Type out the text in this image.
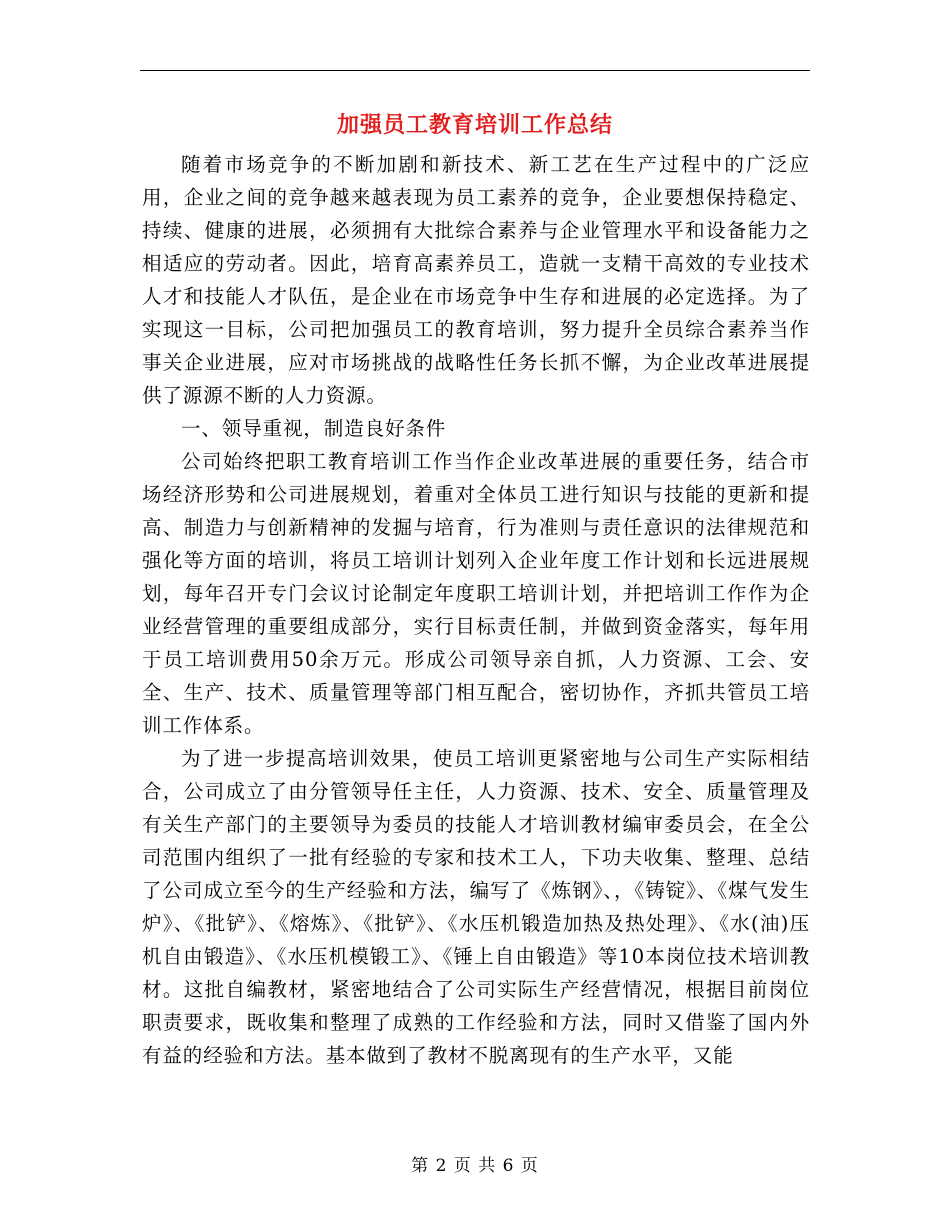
加强员工教育培训工作总结

随着市场竞争的不断加剧和新技术、新工艺在生产过程中的广泛应用，企业之间的竞争越来越表现为员工素养的竞争，企业要想保持稳定、持续、健康的进展，必须拥有大批综合素养与企业管理水平和设备能力之相适应的劳动者。因此，培育高素养员工，造就一支精干高效的专业技术人才和技能人才队伍，是企业在市场竞争中生存和进展的必定选择。为了实现这一目标，公司把加强员工的教育培训，努力提升全员综合素养当作事关企业进展，应对市场挑战的战略性任务长抓不懈，为企业改革进展提供了源源不断的人力资源。

一、领导重视，制造良好条件

公司始终把职工教育培训工作当作企业改革进展的重要任务，结合市场经济形势和公司进展规划，着重对全体员工进行知识与技能的更新和提高、制造力与创新精神的发掘与培育，行为准则与责任意识的法律规范和强化等方面的培训，将员工培训计划列入企业年度工作计划和长远进展规划，每年召开专门会议讨论制定年度职工培训计划，并把培训工作作为企业经营管理的重要组成部分，实行目标责任制，并做到资金落实，每年用于员工培训费用50余万元。形成公司领导亲自抓，人力资源、工会、安全、生产、技术、质量管理等部门相互配合，密切协作，齐抓共管员工培训工作体系。

为了进一步提高培训效果，使员工培训更紧密地与公司生产实际相结合，公司成立了由分管领导任主任，人力资源、技术、安全、质量管理及有关生产部门的主要领导为委员的技能人才培训教材编审委员会，在全公司范围内组织了一批有经验的专家和技术工人，下功夫收集、整理、总结了公司成立至今的生产经验和方法，编写了《炼钢》、，《铸锭》、《煤气发生炉》、《批铲》、《熔炼》、《批铲》、《水压机锻造加热及热处理》、《水(油)压机自由锻造》、《水压机模锻工》、《锤上自由锻造》等10本岗位技术培训教材。这批自编教材，紧密地结合了公司实际生产经营情况，根据目前岗位职责要求，既收集和整理了成熟的工作经验和方法，同时又借鉴了国内外有益的经验和方法。基本做到了教材不脱离现有的生产水平，又能

第 2 页 共 6 页
